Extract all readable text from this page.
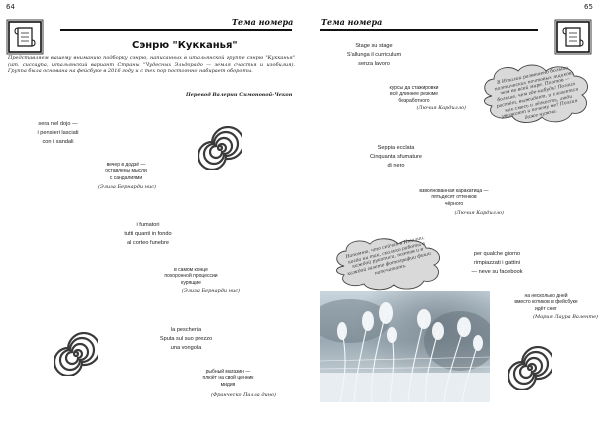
64
Тема номера
Сэнрю "Кукканья"
Представляем вашему вниманию подборку сэнрю, написанных в итальянской группе сэнрю "Кукканья" (ит. cuccagna, итальянский вариант Страны "Чудесных Эльдорадо — земля счастья и изобилия). Группа была основана на фейсбуке в 2016 году и с тех пор постоянно набирает обороты.
Перевод Валерии Симоновой-Чекон
sera nel dojo —
i pensieri lasciati
con i sandali
вечер в додзё —
оставлены мысли
с сандалиями
(Элиза Бернарди нис)
i fumatori
tutti quanti in fondo
al corteo funebre
в самом конце
похоронной процессии
курящие
(Элиза Бернарди нис)
la pescheria
Sputa sul suo prezzo
una vongola
рыбный магазин —
плюёт на свой ценник
мидия
(Франческо Палла дино)
65
Тема номера
Stage su stage
S'allunga il curriculum
senza lavoro
курсы да стажировки
всё длиннее резюме
безработного
(Лючия Кардилло)
В Италии развешено больше поэтических почтовых ящиков, чем во всей мире. Поэтов — больше, чем где-нибудь! Поэзия растёт, выжидает, и слагается как смесь и лёгкость, люди уважают и почему не? Поэзия даже нужна.
Seppia ecclata
Cinquanta sfumature
di nero
взволнованная каракатица —
пятьдесят оттенков
чёрного
(Лючия Кардилло)
Напомню, что сейчас в Италии, когда ни так, сколько работы в каждой рукописи, поэтов и в каждой газете фотографии фиши напечатать.
per qualche giorno
rimpiazzati i gattini
— neve su facebook
на несколько дней
вместо котиков в фейсбуке
идёт снег
(Мария Лаура Валенте)
